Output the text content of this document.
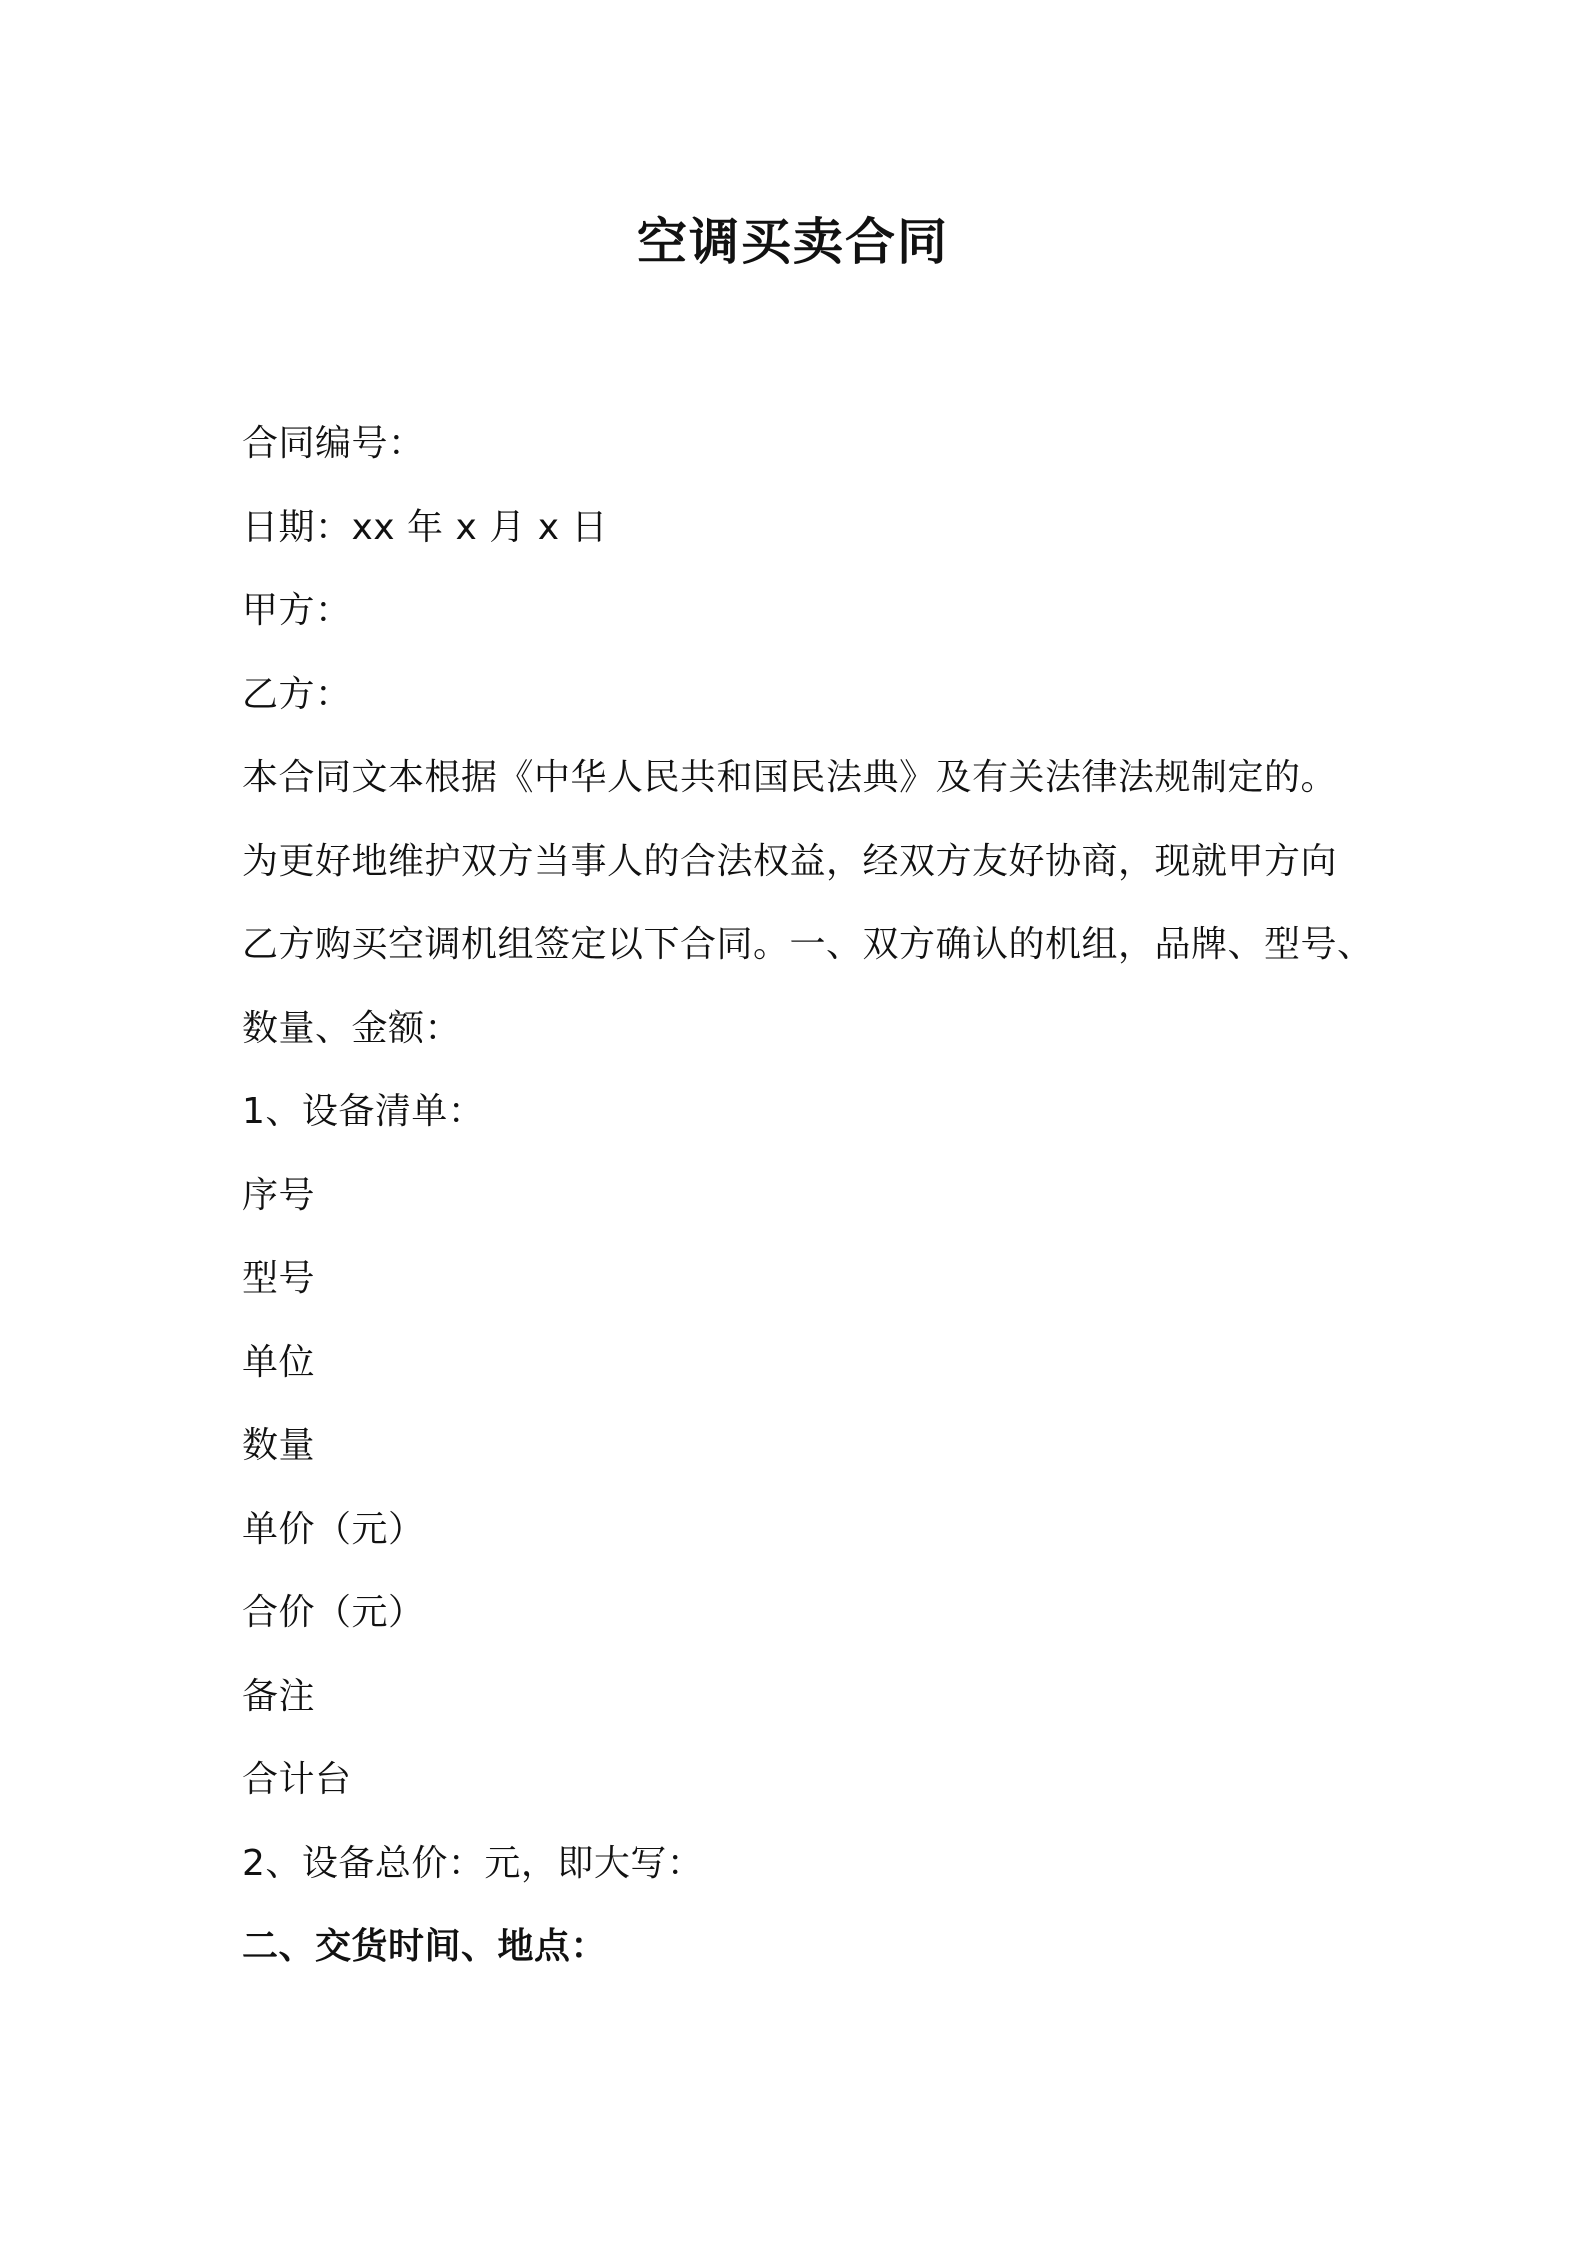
空调买卖合同
合同编号：
日期：xx 年 x 月 x 日
甲方：
乙方：
本合同文本根据《中华人民共和国民法典》及有关法律法规制定的。
为更好地维护双方当事人的合法权益，经双方友好协商，现就甲方向
乙方购买空调机组签定以下合同。一、双方确认的机组，品牌、型号、
数量、金额：
1、设备清单：
序号
型号
单位
数量
单价（元）
合价（元）
备注
合计台
2、设备总价：元，即大写：
二、交货时间、地点：
